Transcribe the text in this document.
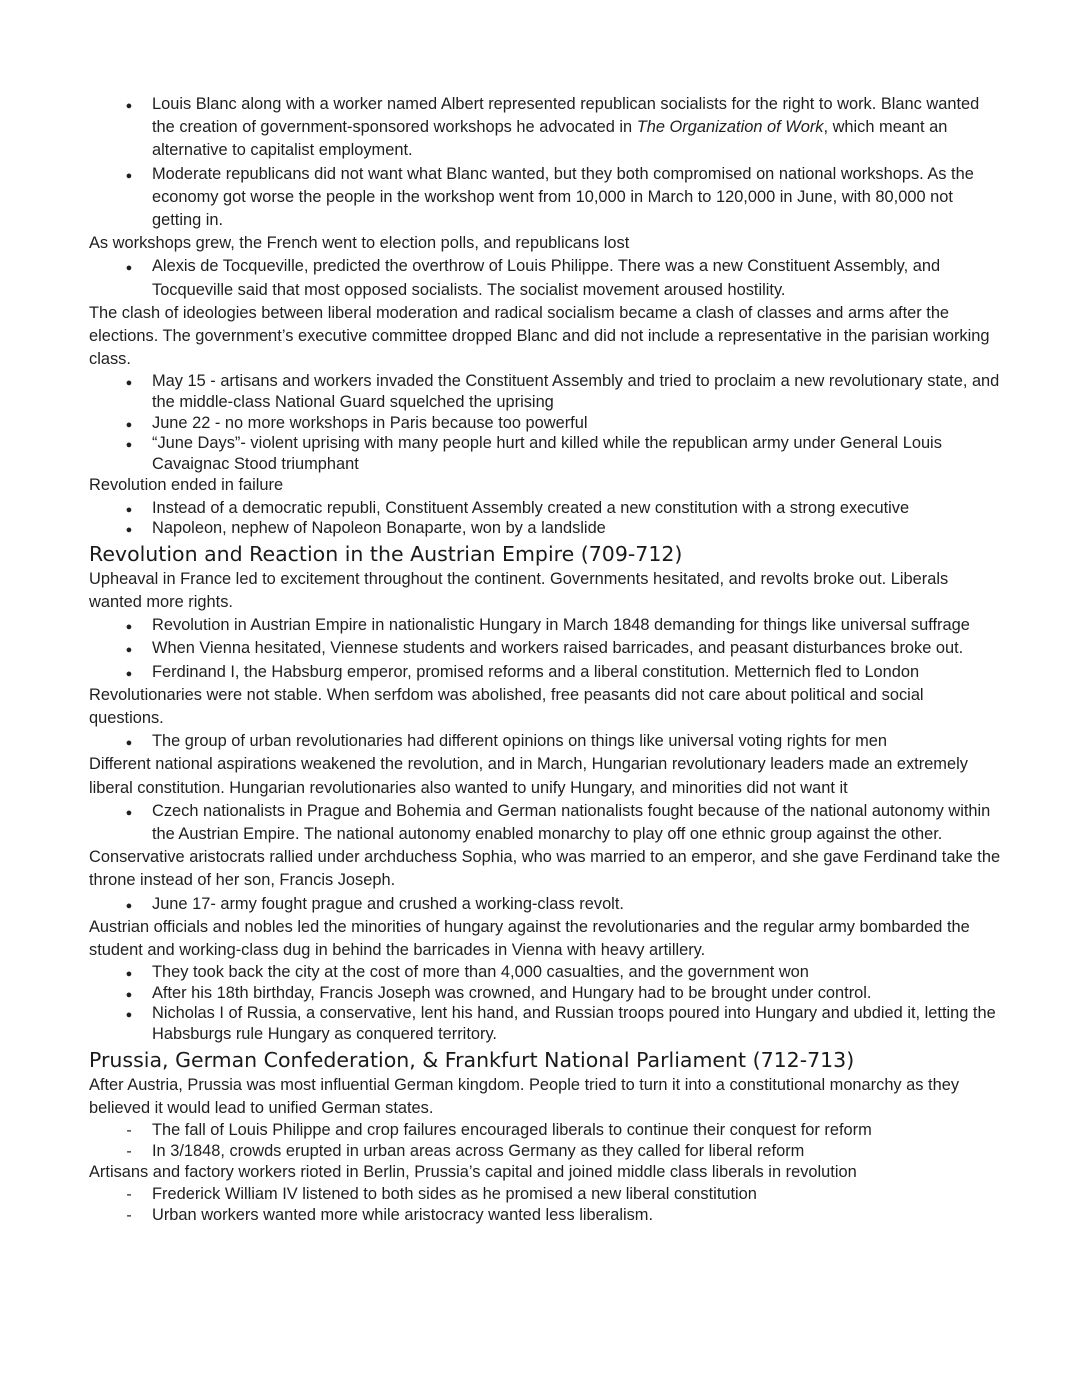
●
Louis Blanc along with a worker named Albert represented republican socialists for the right to work. Blanc wanted the creation of government-sponsored workshops he advocated in The Organization of Work, which meant an alternative to capitalist employment.
●
Moderate republicans did not want what Blanc wanted, but they both compromised on national workshops. As the economy got worse the people in the workshop went from 10,000 in March to 120,000 in June, with 80,000 not getting in.

As workshops grew, the French went to election polls, and republicans lost

●
Alexis de Tocqueville, predicted the overthrow of Louis Philippe. There was a new Constituent Assembly, and Tocqueville said that most opposed socialists. The socialist movement aroused hostility.

The clash of ideologies between liberal moderation and radical socialism became a clash of classes and arms after the elections. The government’s executive committee dropped Blanc and did not include a representative in the parisian working class.

●
May 15 - artisans and workers invaded the Constituent Assembly and tried to proclaim a new revolutionary state, and the middle-class National Guard squelched the uprising
●
June 22 - no more workshops in Paris because too powerful
●
“June Days”- violent uprising with many people hurt and killed while the republican army under General Louis Cavaignac Stood triumphant

Revolution ended in failure

●
Instead of a democratic republi, Constituent Assembly created a new constitution with a strong executive
●
Napoleon, nephew of Napoleon Bonaparte, won by a landslide
Revolution and Reaction in the Austrian Empire (709-712)

Upheaval in France led to excitement throughout the continent. Governments hesitated, and revolts broke out. Liberals wanted more rights.

●
Revolution in Austrian Empire in nationalistic Hungary in March 1848 demanding for things like universal suffrage
●
When Vienna hesitated, Viennese students and workers raised barricades, and peasant disturbances broke out.
●
Ferdinand I, the Habsburg emperor, promised reforms and a liberal constitution. Metternich fled to London

Revolutionaries were not stable. When serfdom was abolished, free peasants did not care about political and social questions.

●
The group of urban revolutionaries had different opinions on things like universal voting rights for men

Different national aspirations weakened the revolution, and in March, Hungarian revolutionary leaders made an extremely liberal constitution. Hungarian revolutionaries also wanted to unify Hungary, and minorities did not want it

●
Czech nationalists in Prague and Bohemia and German nationalists fought because of the national autonomy within the Austrian Empire. The national autonomy enabled monarchy to play off one ethnic group against the other.

Conservative aristocrats rallied under archduchess Sophia, who was married to an emperor, and she gave Ferdinand take the throne instead of her son, Francis Joseph.

●
June 17- army fought prague and crushed a working-class revolt.

Austrian officials and nobles led the minorities of hungary against the revolutionaries and the regular army bombarded the student and working-class dug in behind the barricades in Vienna with heavy artillery.

●
They took back the city at the cost of more than 4,000 casualties, and the government won
●
After his 18th birthday, Francis Joseph was crowned, and Hungary had to be brought under control.
●
Nicholas I of Russia, a conservative, lent his hand, and Russian troops poured into Hungary and ubdied it, letting the Habsburgs rule Hungary as conquered territory.
Prussia, German Confederation, & Frankfurt National Parliament (712-713)

After Austria, Prussia was most influential German kingdom. People tried to turn it into a constitutional monarchy as they believed it would lead to unified German states.

-
The fall of Louis Philippe and crop failures encouraged liberals to continue their conquest for reform
-
In 3/1848, crowds erupted in urban areas across Germany as they called for liberal reform

Artisans and factory workers rioted in Berlin, Prussia’s capital and joined middle class liberals in revolution

-
Frederick William IV listened to both sides as he promised a new liberal constitution
-
Urban workers wanted more while aristocracy wanted less liberalism.
